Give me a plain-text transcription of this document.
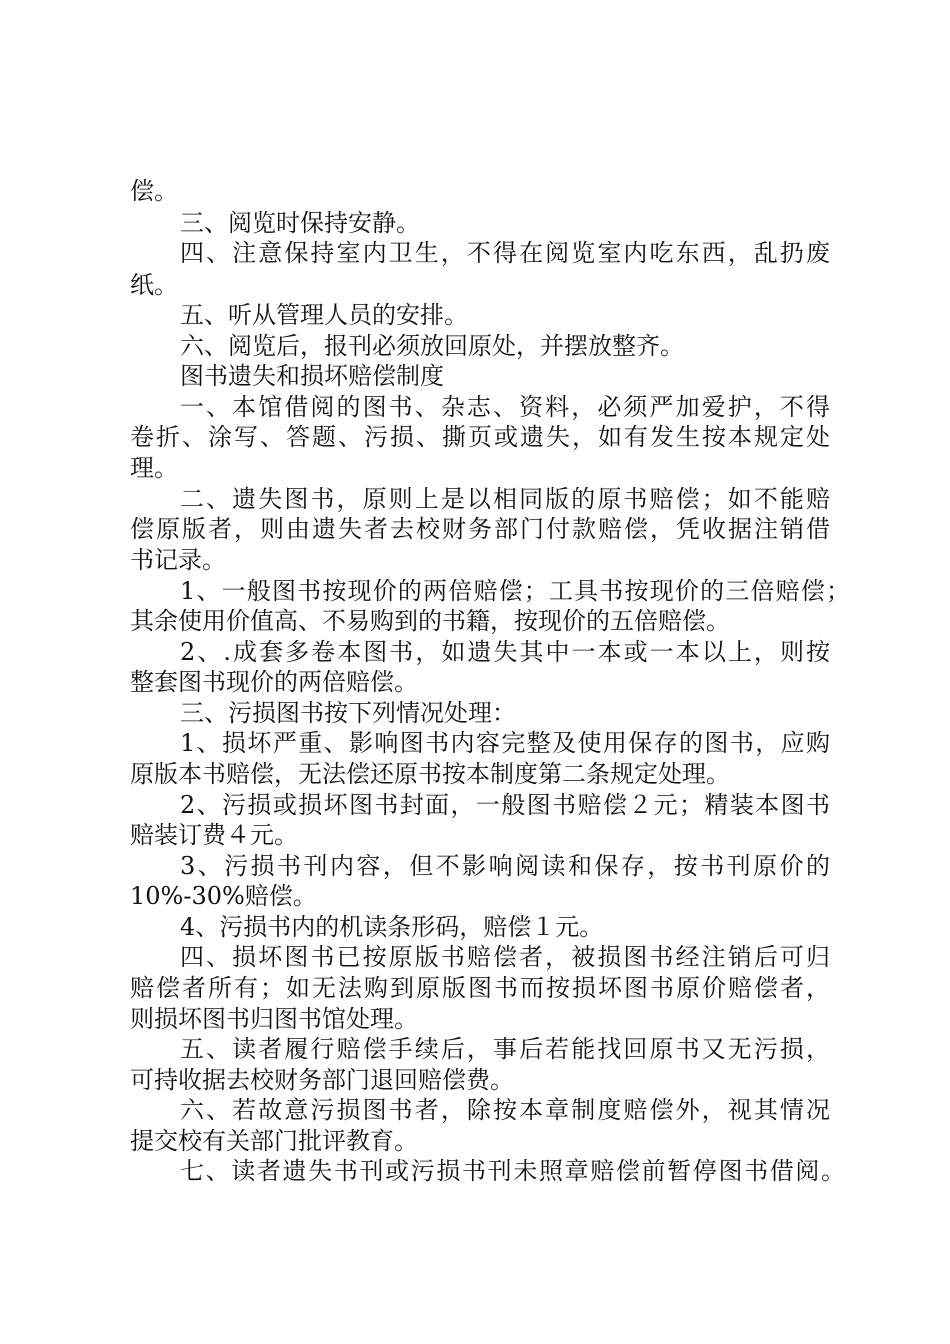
偿。
三、阅览时保持安静。
四、注意保持室内卫生，不得在阅览室内吃东西，乱扔废
纸。
五、听从管理人员的安排。
六、阅览后，报刊必须放回原处，并摆放整齐。
图书遗失和损坏赔偿制度
一、本馆借阅的图书、杂志、资料，必须严加爱护，不得
卷折、涂写、答题、污损、撕页或遗失，如有发生按本规定处
理。
二、遗失图书，原则上是以相同版的原书赔偿；如不能赔
偿原版者，则由遗失者去校财务部门付款赔偿，凭收据注销借
书记录。
1、一般图书按现价的两倍赔偿；工具书按现价的三倍赔偿；
其余使用价值高、不易购到的书籍，按现价的五倍赔偿。
2、.成套多卷本图书，如遗失其中一本或一本以上，则按
整套图书现价的两倍赔偿。
三、污损图书按下列情况处理：
1、损坏严重、影响图书内容完整及使用保存的图书，应购
原版本书赔偿，无法偿还原书按本制度第二条规定处理。
2、污损或损坏图书封面，一般图书赔偿２元；精装本图书
赔装订费４元。
3、污损书刊内容，但不影响阅读和保存，按书刊原价的
10%-30%赔偿。
4、污损书内的机读条形码，赔偿１元。
四、损坏图书已按原版书赔偿者，被损图书经注销后可归
赔偿者所有；如无法购到原版图书而按损坏图书原价赔偿者，
则损坏图书归图书馆处理。
五、读者履行赔偿手续后，事后若能找回原书又无污损，
可持收据去校财务部门退回赔偿费。
六、若故意污损图书者，除按本章制度赔偿外，视其情况
提交校有关部门批评教育。
七、读者遗失书刊或污损书刊未照章赔偿前暂停图书借阅。
